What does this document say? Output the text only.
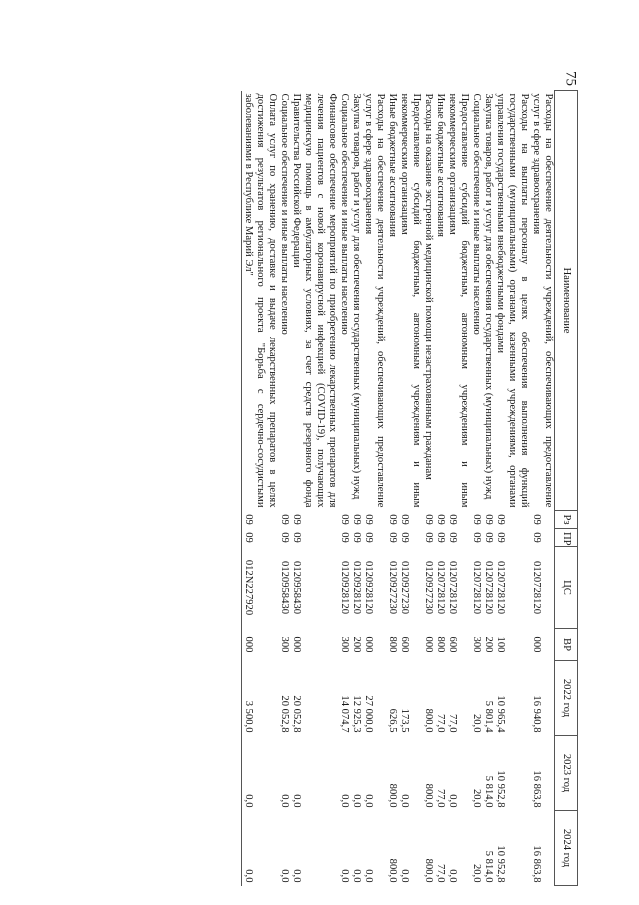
75
Наименование	Рз	ПР	ЦС	ВР	2022 год	2023 год	2024 год
Расходы на обеспечение деятельности учреждений, обеспечивающих предоставление услуг в сфере здравоохранения	09	09	0120728120	000	16 940,8	16 863,8	16 863,8
Расходы на выплаты персоналу в целях обеспечения выполнения функций государственными (муниципальными) органами, казенными учреждениями, органами управления государственными внебюджетными фондами	09	09	0120728120	100	10 965,4	10 952,8	10 952,8
Закупка товаров, работ и услуг для обеспечения государственных (муниципальных) нужд	09	09	0120728120	200	5 801,4	5 814,0	5 814,0
Социальное обеспечение и иные выплаты населению	09	09	0120728120	300	20,0	20,0	20,0
Предоставление субсидий бюджетным, автономным учреждениям и иным некоммерческим организациям	09	09	0120728120	600	77,0	0,0	0,0
Иные бюджетные ассигнования	09	09	0120728120	800	77,0	77,0	77,0
Расходы на оказание экстренной медицинской помощи незастрахованным гражданам	09	09	0120927230	000	800,0	800,0	800,0
Предоставление субсидий бюджетным, автономным учреждениям и иным некоммерческим организациям	09	09	0120927230	600	173,5	0,0	0,0
Иные бюджетные ассигнования	09	09	0120927230	800	626,5	800,0	800,0
Расходы на обеспечение деятельности учреждений, обеспечивающих предоставление услуг в сфере здравоохранения	09	09	0120928120	000	27 000,0	0,0	0,0
Закупка товаров, работ и услуг для обеспечения государственных (муниципальных) нужд	09	09	0120928120	200	12 925,3	0,0	0,0
Социальное обеспечение и иные выплаты населению	09	09	0120928120	300	14 074,7	0,0	0,0
Финансовое обеспечение мероприятий по приобретению лекарственных препаратов для лечения пациентов с новой коронавирусной инфекцией (COVID-19), получающих медицинскую помощь в амбулаторных условиях, за счет средств резервного фонда Правительства Российской Федерации	09	09	0120958430	000	20 052,8	0,0	0,0
Социальное обеспечение и иные выплаты населению	09	09	0120958430	300	20 052,8	0,0	0,0
Оплата услуг по хранению, доставке и выдаче лекарственных препаратов в целях достижения результатов регионального проекта "Борьба с сердечно-сосудистыми заболеваниями в Республике Марий Эл"	09	09	012N227920	000	3 500,0	0,0	0,0
